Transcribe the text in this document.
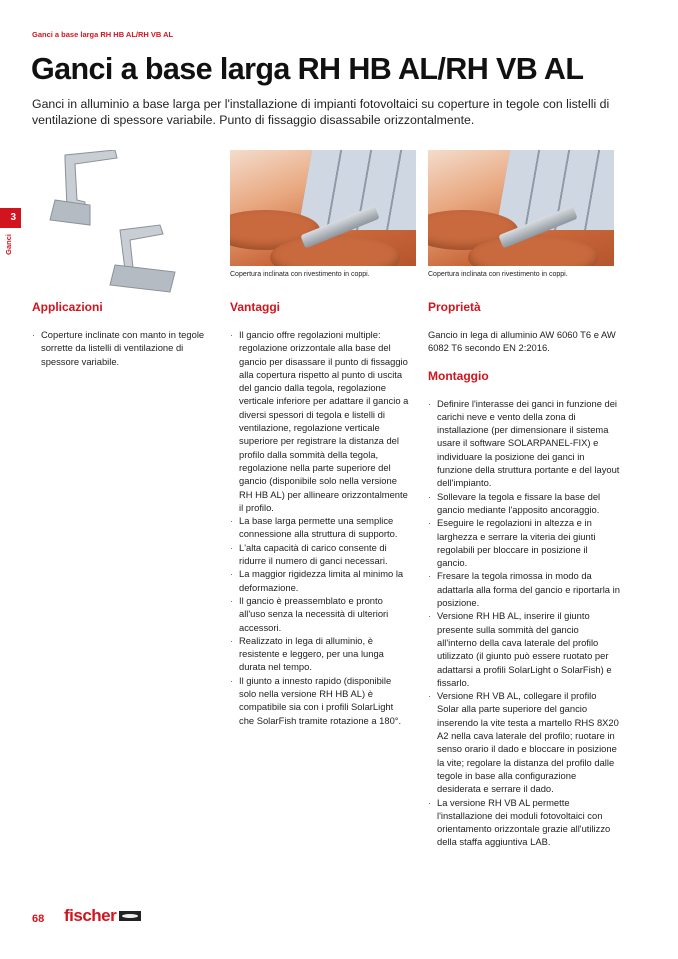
Ganci a base larga RH HB AL/RH VB AL
Ganci a base larga RH HB AL/RH VB AL

Ganci in alluminio a base larga per l'installazione di impianti fotovoltaici su coperture in tegole con listelli di ventilazione di spessore variabile. Punto di fissaggio disassabile orizzontalmente.

3
Ganci
Copertura inclinata con rivestimento in coppi.	Copertura inclinata con rivestimento in coppi.
Applicazioni
· Coperture inclinate con manto in tegole sorrette da listelli di ventilazione di spessore variabile.
Vantaggi
· Il gancio offre regolazioni multiple: regolazione orizzontale alla base del gancio per disassare il punto di fissaggio alla copertura rispetto al punto di uscita del gancio dalla tegola, regolazione verticale inferiore per adattare il gancio a diversi spessori di tegola e listelli di ventilazione, regolazione verticale superiore per registrare la distanza del profilo dalla sommità della tegola, regolazione nella parte superiore del gancio (disponibile solo nella versione RH HB AL) per allineare orizzontalmente il profilo.
· La base larga permette una semplice connessione alla struttura di supporto.
· L'alta capacità di carico consente di ridurre il numero di ganci necessari.
· La maggior rigidezza limita al minimo la deformazione.
· Il gancio è preassemblato e pronto all'uso senza la necessità di ulteriori accessori.
· Realizzato in lega di alluminio, è resistente e leggero, per una lunga durata nel tempo.
· Il giunto a innesto rapido (disponibile solo nella versione RH HB AL) è compatibile sia con i profili SolarLight che SolarFish tramite rotazione a 180°.
Proprietà

Gancio in lega di alluminio AW 6060 T6 e AW 6082 T6 secondo EN 2:2016.

Montaggio
· Definire l'interasse dei ganci in funzione dei carichi neve e vento della zona di installazione (per dimensionare il sistema usare il software SOLARPANEL-FIX) e individuare la posizione dei ganci in funzione della struttura portante e del layout dell'impianto.
· Sollevare la tegola e fissare la base del gancio mediante l'apposito ancoraggio.
· Eseguire le regolazioni in altezza e in larghezza e serrare la viteria dei giunti regolabili per bloccare in posizione il gancio.
· Fresare la tegola rimossa in modo da adattarla alla forma del gancio e riportarla in posizione.
· Versione RH HB AL, inserire il giunto presente sulla sommità del gancio all'interno della cava laterale del profilo utilizzato (il giunto può essere ruotato per adattarsi a profili SolarLight o SolarFish) e fissarlo.
· Versione RH VB AL, collegare il profilo Solar alla parte superiore del gancio inserendo la vite testa a martello RHS 8X20 A2 nella cava laterale del profilo; ruotare in senso orario il dado e bloccare in posizione la vite; regolare la distanza del profilo dalle tegole in base alla configurazione desiderata e serrare il dado.
· La versione RH VB AL permette l'installazione dei moduli fotovoltaici con orientamento orizzontale grazie all'utilizzo della staffa aggiuntiva LAB.
68 fischer
